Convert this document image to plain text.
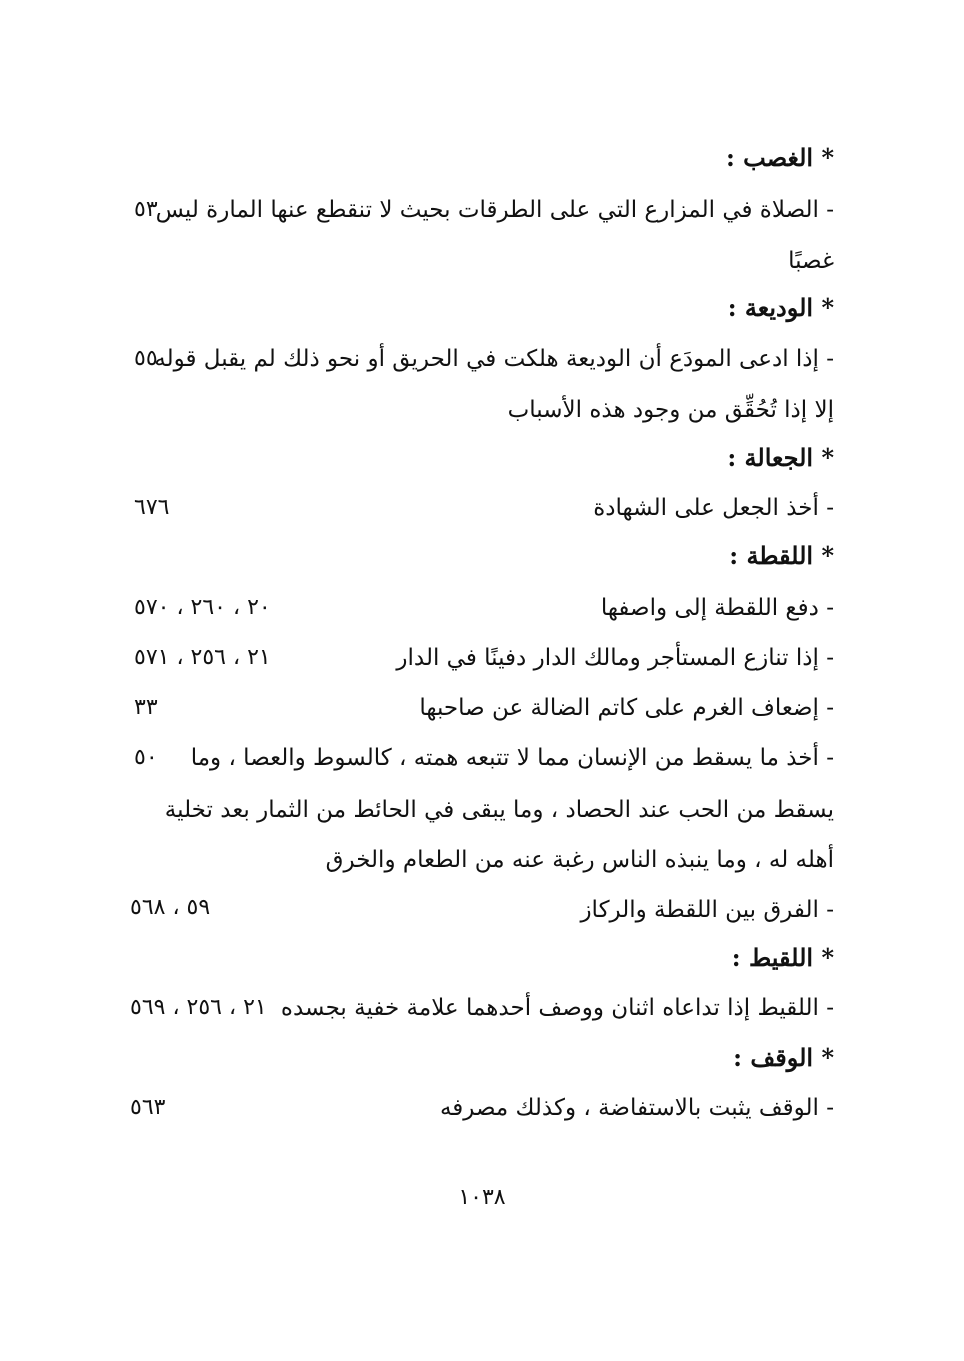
* الغصب :
- الصلاة في المزارع التي على الطرقات بحيث لا تنقطع عنها المارة ليس
٥٣
غصبًا
* الوديعة :
- إذا ادعى المودَع أن الوديعة هلكت في الحريق أو نحو ذلك لم يقبل قوله
٥٥
إلا إذا تُحُقِّق من وجود هذه الأسباب
* الجعالة :
- أخذ الجعل على الشهادة
٦٧٦
* اللقطة :
- دفع اللقطة إلى واصفها
٢٠ ، ٢٦٠ ، ٥٧٠
- إذا تنازع المستأجر ومالك الدار دفينًا في الدار
٢١ ، ٢٥٦ ، ٥٧١
- إضعاف الغرم على كاتم الضالة عن صاحبها
٣٣
- أخذ ما يسقط من الإنسان مما لا تتبعه همته ، كالسوط والعصا ، وما
٥٠
يسقط من الحب عند الحصاد ، وما يبقى في الحائط من الثمار بعد تخلية
أهله له ، وما ينبذه الناس رغبة عنه من الطعام والخرق
- الفرق بين اللقطة والركاز
٥٩ ، ٥٦٨
* اللقيط :
- اللقيط إذا تداعاه اثنان ووصف أحدهما علامة خفية بجسده
٢١ ، ٢٥٦ ، ٥٦٩
* الوقف :
- الوقف يثبت بالاستفاضة ، وكذلك مصرفه
٥٦٣
١٠٣٨
